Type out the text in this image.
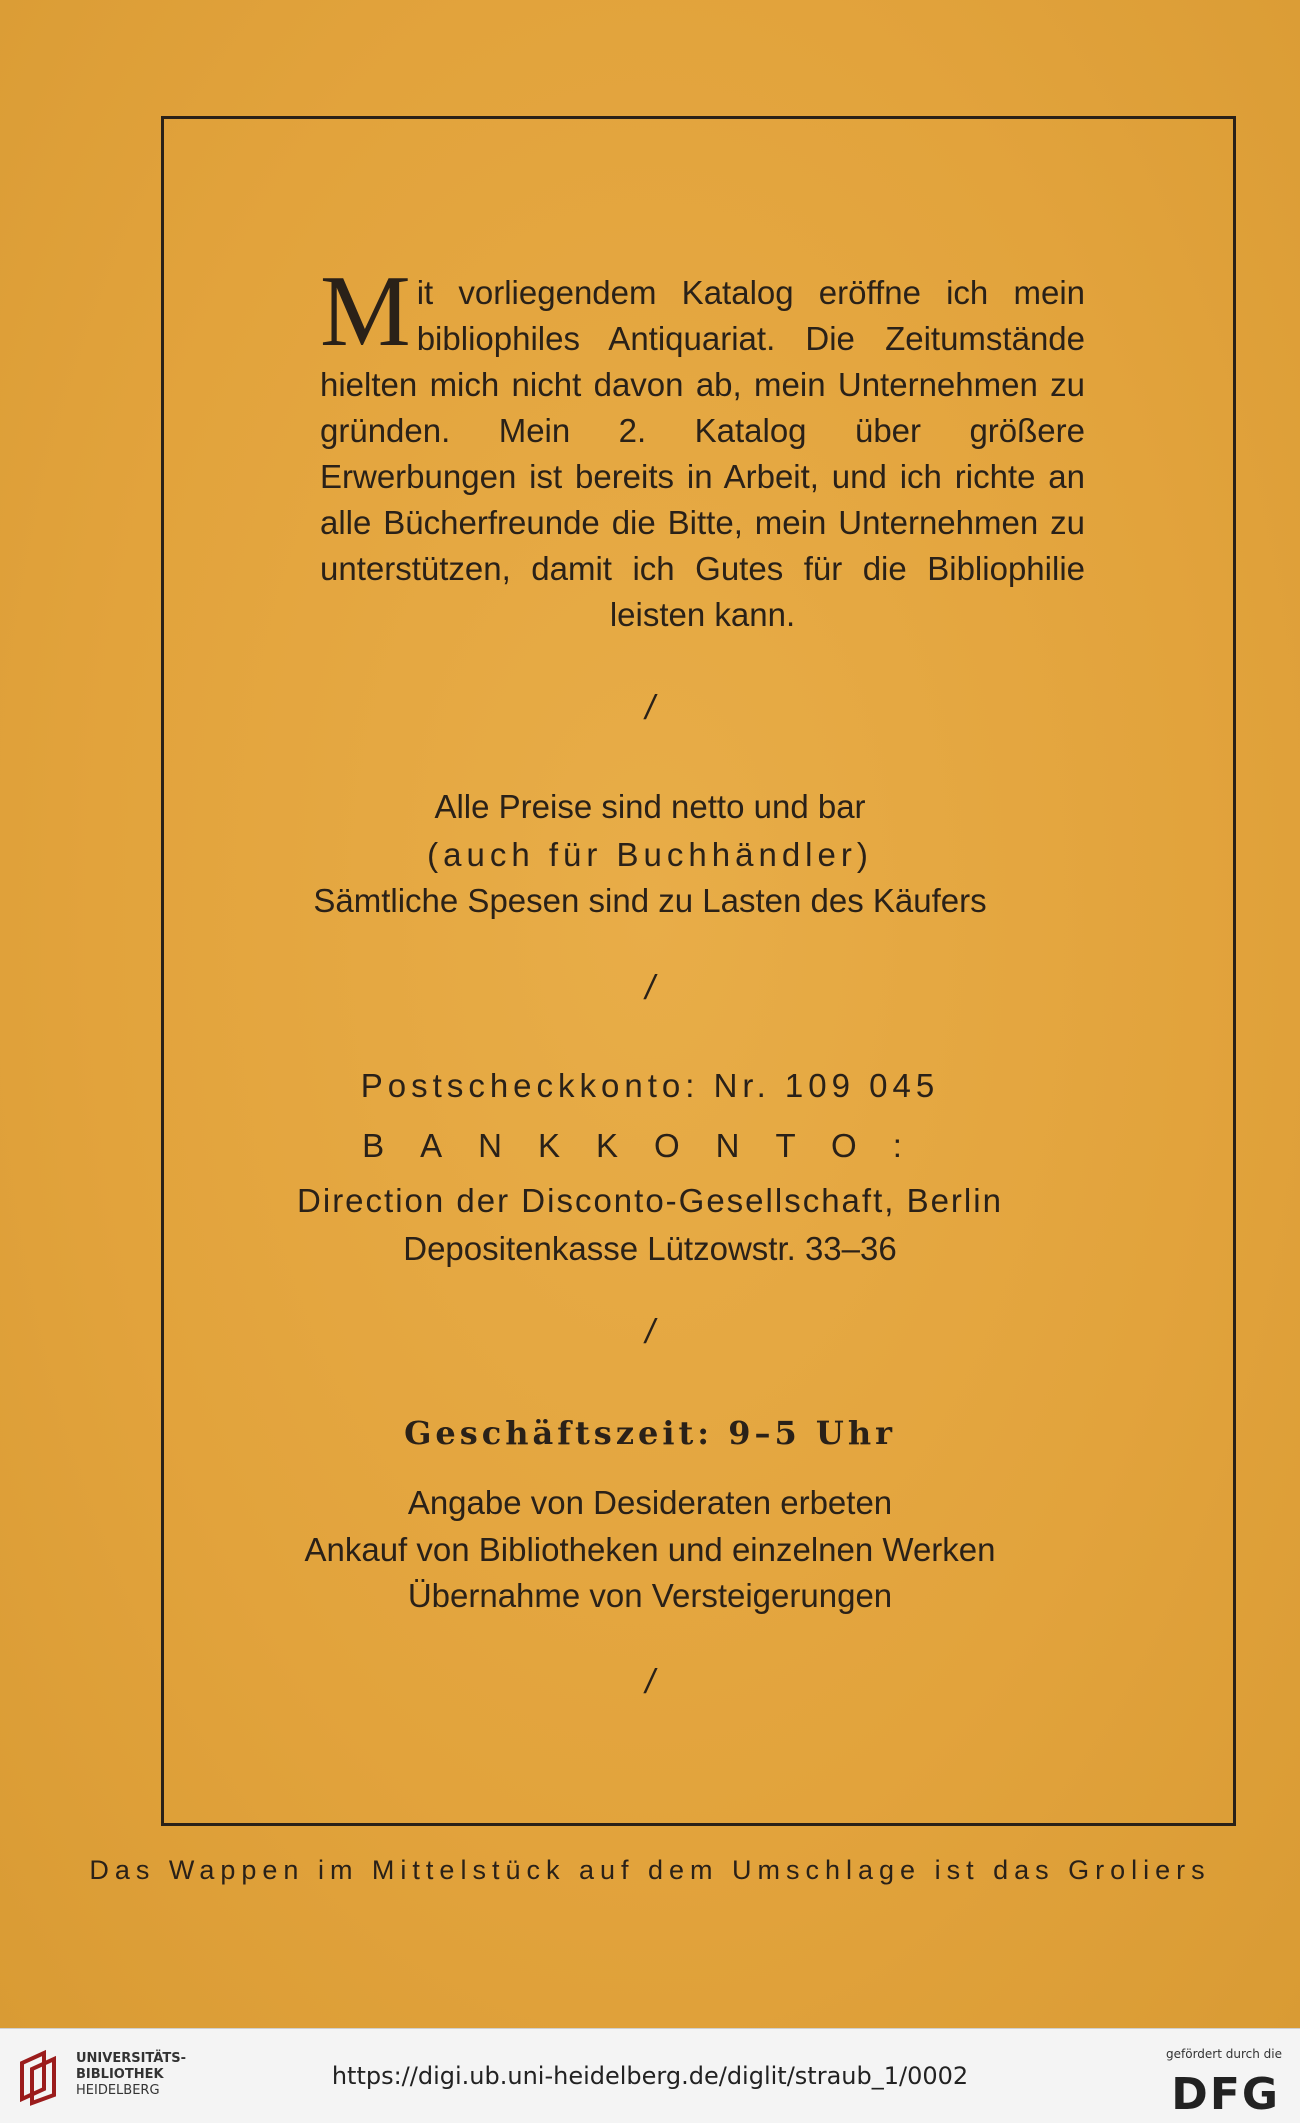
Mit vorliegendem Katalog eröffne ich mein bibliophiles Antiquariat. Die Zeitumstände hielten mich nicht davon ab, mein Unternehmen zu gründen. Mein 2. Katalog über größere Erwerbungen ist bereits in Arbeit, und ich richte an alle Bücherfreunde die Bitte, mein Unternehmen zu unterstützen, damit ich Gutes für die Bibliophilie leisten kann.
/
Alle Preise sind netto und bar
(auch für Buchhändler)
Sämtliche Spesen sind zu Lasten des Käufers
/
Postscheckkonto: Nr. 109 045
BANKKONTO:
Direction der Disconto-Gesellschaft, Berlin
Depositenkasse Lützowstr. 33–36
/
Geschäftszeit: 9–5 Uhr
Angabe von Desideraten erbeten
Ankauf von Bibliotheken und einzelnen Werken
Übernahme von Versteigerungen
/
Das Wappen im Mittelstück auf dem Umschlage ist das Groliers
UNIVERSITÄTS-
BIBLIOTHEK
HEIDELBERG
https://digi.ub.uni-heidelberg.de/diglit/straub_1/0002
gefördert durch die
DFG
